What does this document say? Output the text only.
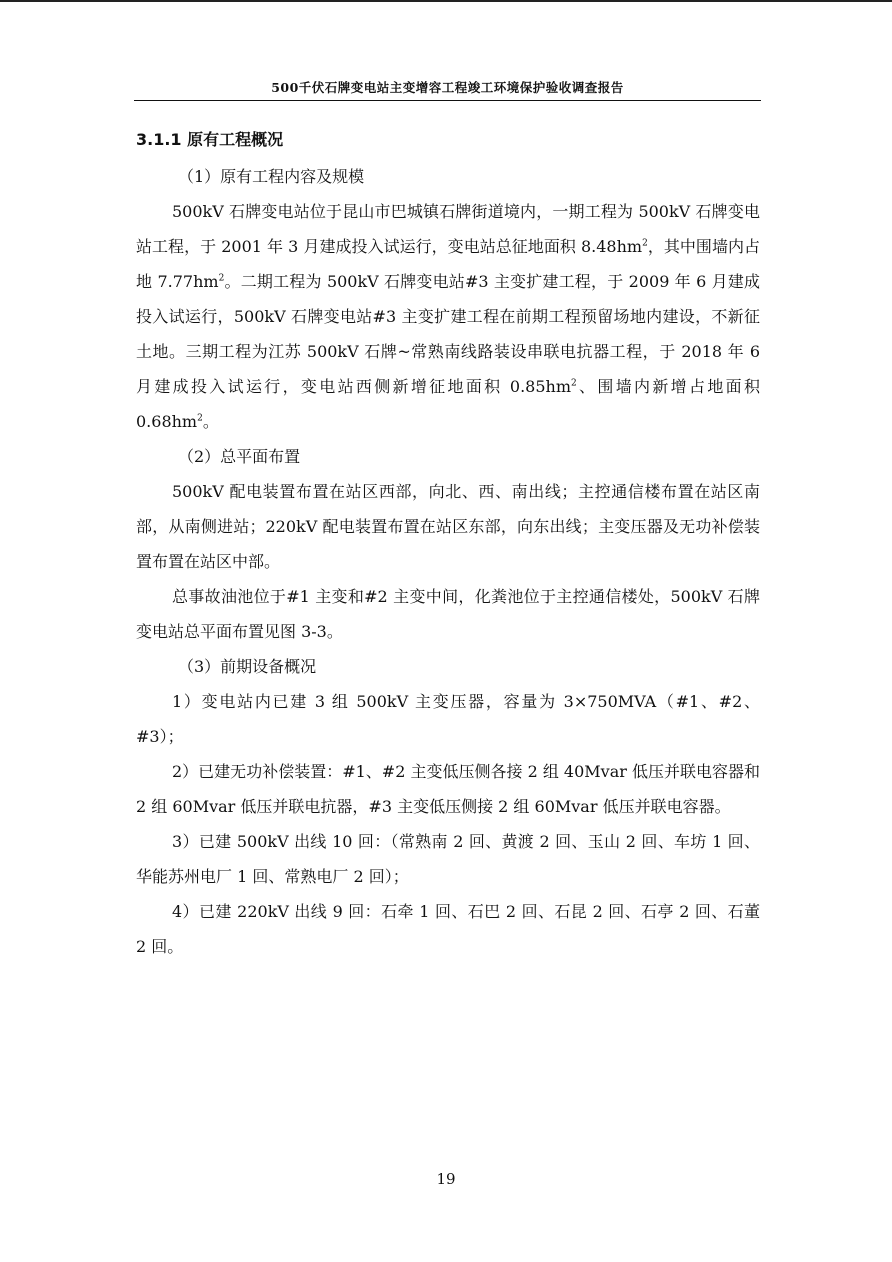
500千伏石牌变电站主变增容工程竣工环境保护验收调查报告
3.1.1 原有工程概况

（1）原有工程内容及规模

500kV 石牌变电站位于昆山市巴城镇石牌街道境内，一期工程为 500kV 石牌变电站工程，于 2001 年 3 月建成投入试运行，变电站总征地面积 $8.48hm^2$，其中围墙内占地 $7.77hm^2$。二期工程为 500kV 石牌变电站#3 主变扩建工程，于 2009 年 6 月建成投入试运行，500kV 石牌变电站#3 主变扩建工程在前期工程预留场地内建设，不新征土地。三期工程为江苏 500kV 石牌~常熟南线路装设串联电抗器工程，于 2018 年 6 月建成投入试运行，变电站西侧新增征地面积 $0.85hm^2$、围墙内新增占地面积 $0.68hm^2$。

（2）总平面布置

500kV 配电装置布置在站区西部，向北、西、南出线；主控通信楼布置在站区南部，从南侧进站；220kV 配电装置布置在站区东部，向东出线；主变压器及无功补偿装置布置在站区中部。

总事故油池位于#1 主变和#2 主变中间，化粪池位于主控通信楼处，500kV 石牌变电站总平面布置见图 3-3。

（3）前期设备概况

1）变电站内已建 3 组 500kV 主变压器，容量为 3×750MVA（#1、#2、#3）；

2）已建无功补偿装置：#1、#2 主变低压侧各接 2 组 40Mvar 低压并联电容器和 2 组 60Mvar 低压并联电抗器，#3 主变低压侧接 2 组 60Mvar 低压并联电容器。

3）已建 500kV 出线 10 回：（常熟南 2 回、黄渡 2 回、玉山 2 回、车坊 1 回、华能苏州电厂 1 回、常熟电厂 2 回）；

4）已建 220kV 出线 9 回：石牵 1 回、石巴 2 回、石昆 2 回、石亭 2 回、石董 2 回。

19
